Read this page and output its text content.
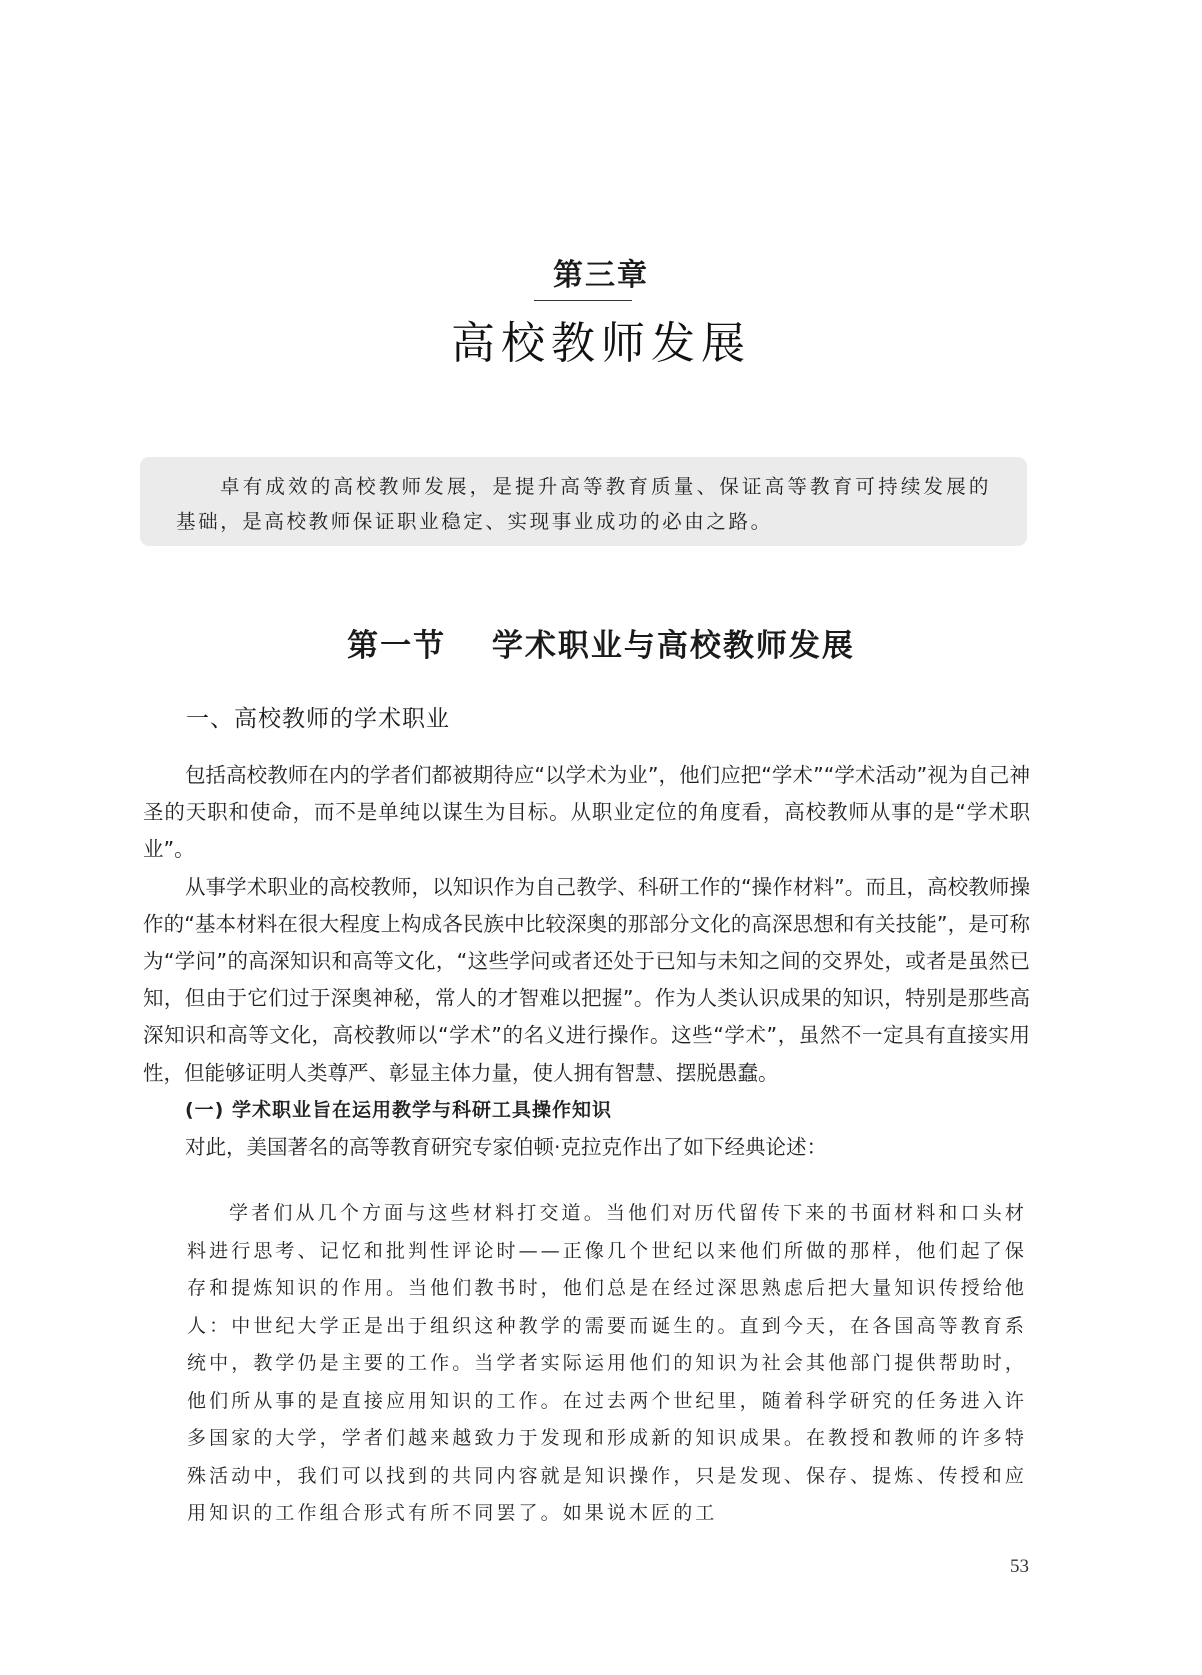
第三章
高校教师发展
卓有成效的高校教师发展，是提升高等教育质量、保证高等教育可持续发展的基础，是高校教师保证职业稳定、实现事业成功的必由之路。
第一节　 学术职业与高校教师发展
一、高校教师的学术职业

包括高校教师在内的学者们都被期待应“以学术为业”，他们应把“学术”“学术活动”视为自己神圣的天职和使命，而不是单纯以谋生为目标。从职业定位的角度看，高校教师从事的是“学术职业”。

从事学术职业的高校教师，以知识作为自己教学、科研工作的“操作材料”。而且，高校教师操作的“基本材料在很大程度上构成各民族中比较深奥的那部分文化的高深思想和有关技能”，是可称为“学问”的高深知识和高等文化，“这些学问或者还处于已知与未知之间的交界处，或者是虽然已知，但由于它们过于深奥神秘，常人的才智难以把握”。作为人类认识成果的知识，特别是那些高深知识和高等文化，高校教师以“学术”的名义进行操作。这些“学术”，虽然不一定具有直接实用性，但能够证明人类尊严、彰显主体力量，使人拥有智慧、摆脱愚蠢。

(一) 学术职业旨在运用教学与科研工具操作知识

对此，美国著名的高等教育研究专家伯顿·克拉克作出了如下经典论述：

学者们从几个方面与这些材料打交道。当他们对历代留传下来的书面材料和口头材料进行思考、记忆和批判性评论时——正像几个世纪以来他们所做的那样，他们起了保存和提炼知识的作用。当他们教书时，他们总是在经过深思熟虑后把大量知识传授给他人：中世纪大学正是出于组织这种教学的需要而诞生的。直到今天，在各国高等教育系统中，教学仍是主要的工作。当学者实际运用他们的知识为社会其他部门提供帮助时，他们所从事的是直接应用知识的工作。在过去两个世纪里，随着科学研究的任务进入许多国家的大学，学者们越来越致力于发现和形成新的知识成果。在教授和教师的许多特殊活动中，我们可以找到的共同内容就是知识操作，只是发现、保存、提炼、传授和应用知识的工作组合形式有所不同罢了。如果说木匠的工

53
